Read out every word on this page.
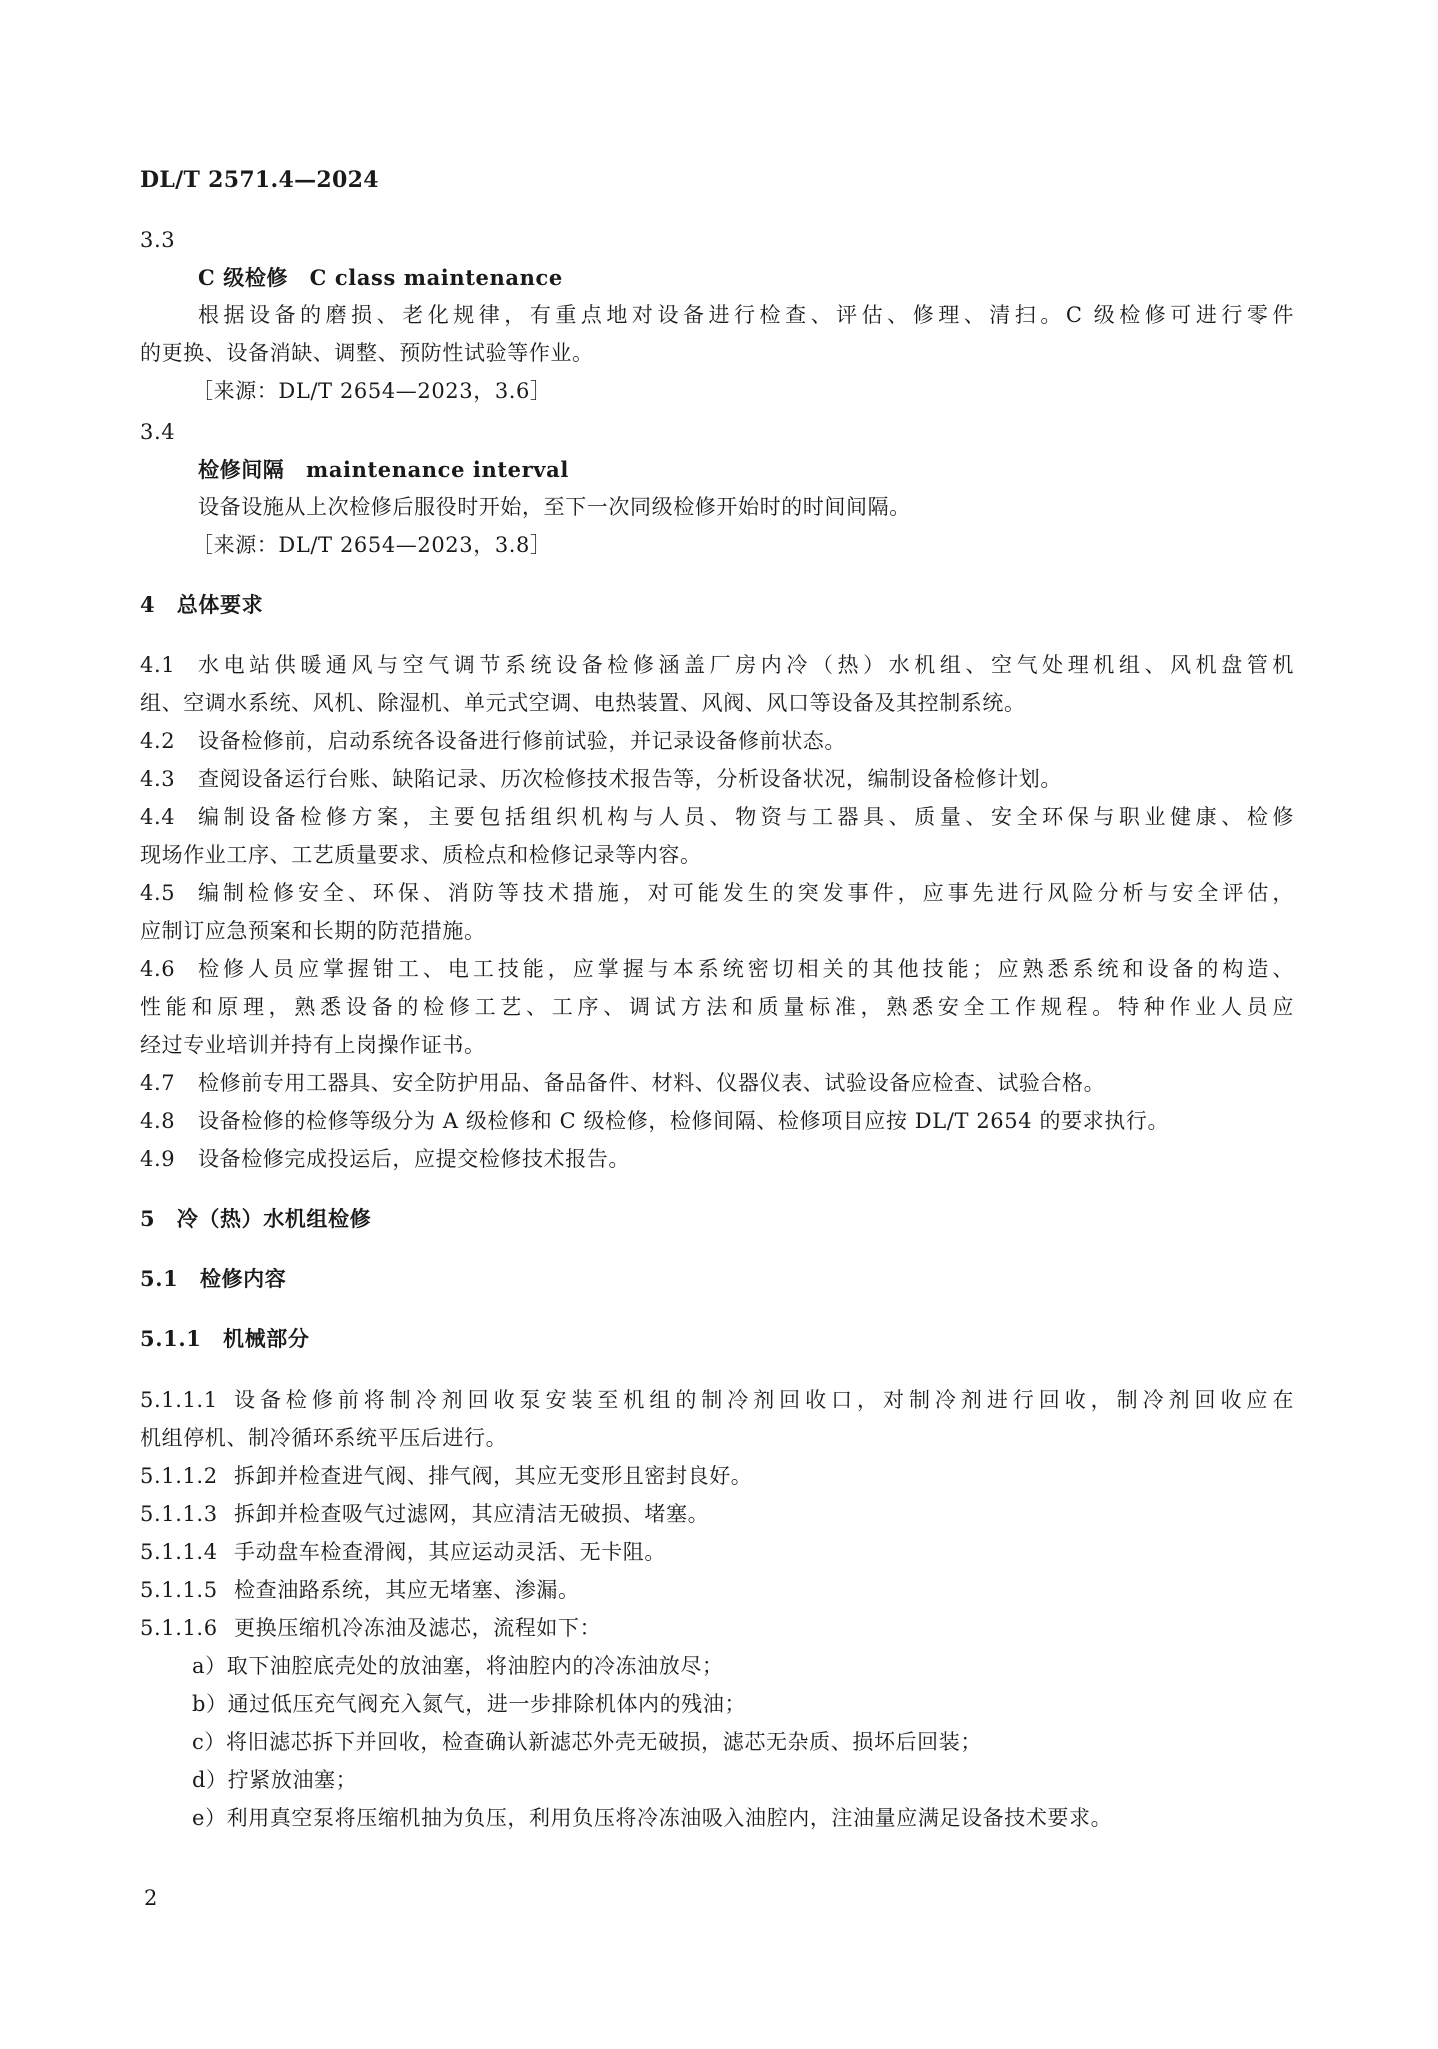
DL/T 2571.4—2024
3.3
C 级检修　C class maintenance
根据设备的磨损、老化规律，有重点地对设备进行检查、评估、修理、清扫。C 级检修可进行零件
的更换、设备消缺、调整、预防性试验等作业。
［来源：DL/T 2654—2023，3.6］
3.4
检修间隔　maintenance interval
设备设施从上次检修后服役时开始，至下一次同级检修开始时的时间间隔。
［来源：DL/T 2654—2023，3.8］
4　总体要求
4.1 水电站供暖通风与空气调节系统设备检修涵盖厂房内冷（热）水机组、空气处理机组、风机盘管机
组、空调水系统、风机、除湿机、单元式空调、电热装置、风阀、风口等设备及其控制系统。
4.2 设备检修前，启动系统各设备进行修前试验，并记录设备修前状态。
4.3 查阅设备运行台账、缺陷记录、历次检修技术报告等，分析设备状况，编制设备检修计划。
4.4 编制设备检修方案，主要包括组织机构与人员、物资与工器具、质量、安全环保与职业健康、检修
现场作业工序、工艺质量要求、质检点和检修记录等内容。
4.5 编制检修安全、环保、消防等技术措施，对可能发生的突发事件，应事先进行风险分析与安全评估，
应制订应急预案和长期的防范措施。
4.6 检修人员应掌握钳工、电工技能，应掌握与本系统密切相关的其他技能；应熟悉系统和设备的构造、
性能和原理，熟悉设备的检修工艺、工序、调试方法和质量标准，熟悉安全工作规程。特种作业人员应
经过专业培训并持有上岗操作证书。
4.7 检修前专用工器具、安全防护用品、备品备件、材料、仪器仪表、试验设备应检查、试验合格。
4.8 设备检修的检修等级分为 A 级检修和 C 级检修，检修间隔、检修项目应按 DL/T 2654 的要求执行。
4.9 设备检修完成投运后，应提交检修技术报告。
5　冷（热）水机组检修
5.1　检修内容
5.1.1　机械部分
5.1.1.1 设备检修前将制冷剂回收泵安装至机组的制冷剂回收口，对制冷剂进行回收，制冷剂回收应在
机组停机、制冷循环系统平压后进行。
5.1.1.2 拆卸并检查进气阀、排气阀，其应无变形且密封良好。
5.1.1.3 拆卸并检查吸气过滤网，其应清洁无破损、堵塞。
5.1.1.4 手动盘车检查滑阀，其应运动灵活、无卡阻。
5.1.1.5 检查油路系统，其应无堵塞、渗漏。
5.1.1.6 更换压缩机冷冻油及滤芯，流程如下：
a）取下油腔底壳处的放油塞，将油腔内的冷冻油放尽；
b）通过低压充气阀充入氮气，进一步排除机体内的残油；
c）将旧滤芯拆下并回收，检查确认新滤芯外壳无破损，滤芯无杂质、损坏后回装；
d）拧紧放油塞；
e）利用真空泵将压缩机抽为负压，利用负压将冷冻油吸入油腔内，注油量应满足设备技术要求。
2
